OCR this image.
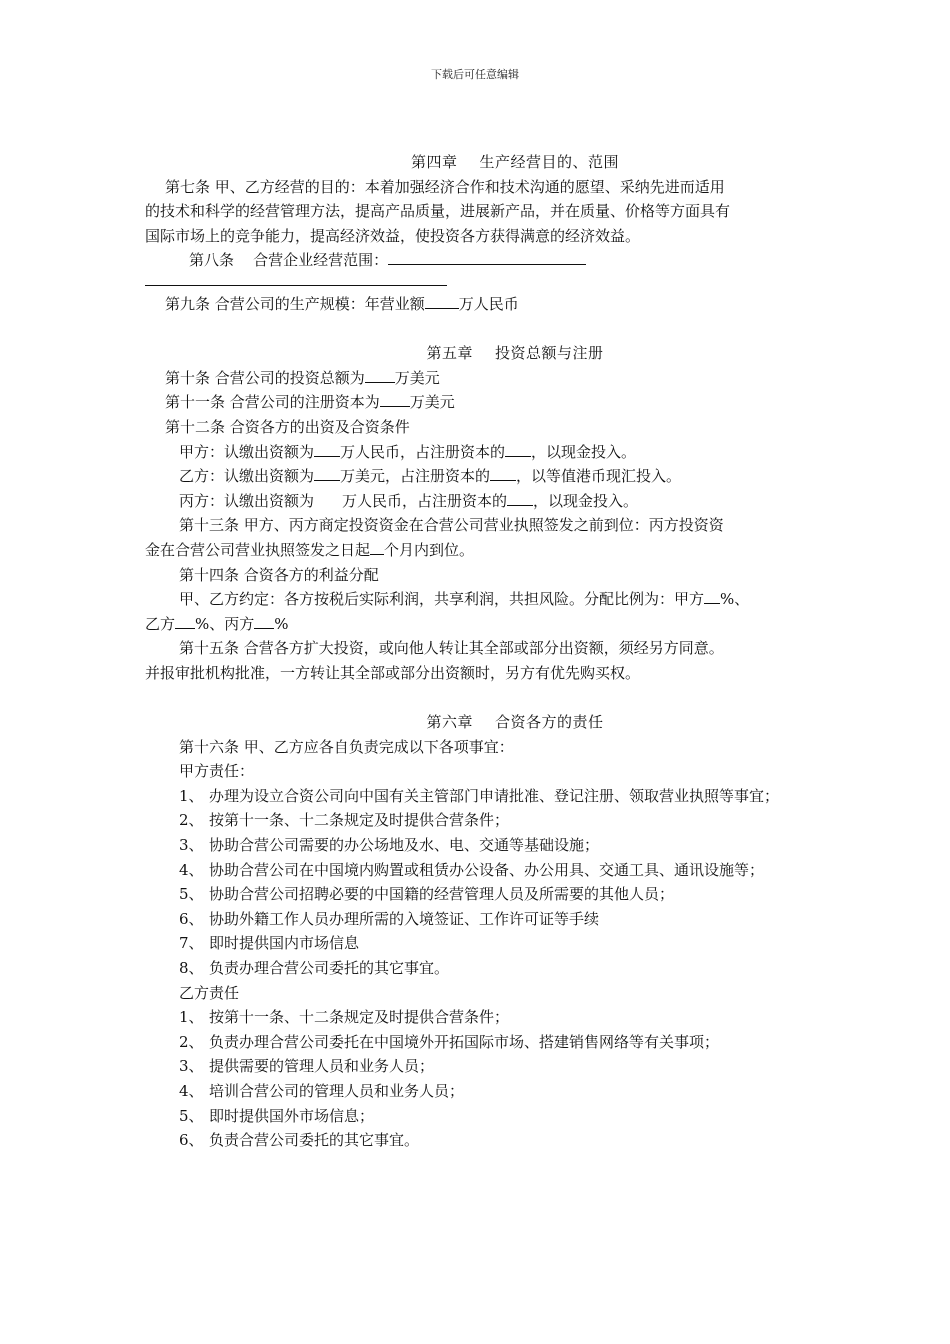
下载后可任意编辑
第四章 生产经营目的、范围

第七条 甲、乙方经营的目的：本着加强经济合作和技术沟通的愿望、采纳先进而适用

的技术和科学的经营管理方法，提高产品质量，进展新产品，并在质量、价格等方面具有

国际市场上的竞争能力，提高经济效益，使投资各方获得满意的经济效益。

第八条 合营企业经营范围：

第九条 合营公司的生产规模：年营业额 万人民币

第五章 投资总额与注册

第十条 合营公司的投资总额为 万美元

第十一条 合营公司的注册资本为 万美元

第十二条 合资各方的出资及合资条件

甲方：认缴出资额为 万人民币，占注册资本的 ，以现金投入。

乙方：认缴出资额为 万美元，占注册资本的 ，以等值港币现汇投入。

丙方：认缴出资额为 万人民币，占注册资本的 ，以现金投入。

第十三条 甲方、丙方商定投资资金在合营公司营业执照签发之前到位：丙方投资资

金在合营公司营业执照签发之日起 个月内到位。

第十四条 合资各方的利益分配

甲、乙方约定：各方按税后实际利润，共享利润，共担风险。分配比例为：甲方 %、

乙方 %、丙方 %

第十五条 合营各方扩大投资，或向他人转让其全部或部分出资额，须经另方同意。

并报审批机构批准，一方转让其全部或部分出资额时，另方有优先购买权。

第六章 合资各方的责任

第十六条 甲、乙方应各自负责完成以下各项事宜：

甲方责任：

1、 办理为设立合资公司向中国有关主管部门申请批准、登记注册、领取营业执照等事宜；
2、 按第十一条、十二条规定及时提供合营条件；
3、 协助合营公司需要的办公场地及水、电、交通等基础设施；
4、 协助合营公司在中国境内购置或租赁办公设备、办公用具、交通工具、通讯设施等；
5、 协助合营公司招聘必要的中国籍的经营管理人员及所需要的其他人员；
6、 协助外籍工作人员办理所需的入境签证、工作许可证等手续
7、 即时提供国内市场信息
8、 负责办理合营公司委托的其它事宜。

乙方责任

1、 按第十一条、十二条规定及时提供合营条件；
2、 负责办理合营公司委托在中国境外开拓国际市场、搭建销售网络等有关事项；
3、 提供需要的管理人员和业务人员；
4、 培训合营公司的管理人员和业务人员；
5、 即时提供国外市场信息；
6、 负责合营公司委托的其它事宜。
